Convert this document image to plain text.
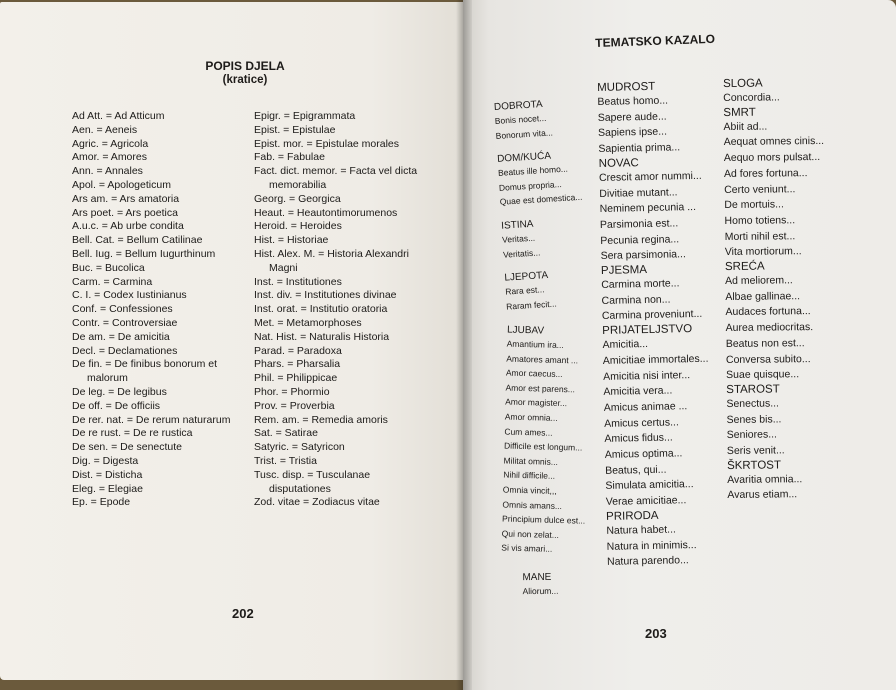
POPIS DJELA
(kratice)
Ad Att. = Ad Atticum
Aen. = Aeneis
Agric. = Agricola
Amor. = Amores
Ann. = Annales
Apol. = Apologeticum
Ars am. = Ars amatoria
Ars poet. = Ars poetica
A.u.c. = Ab urbe condita
Bell. Cat. = Bellum Catilinae
Bell. Iug. = Bellum Iugurthinum
Buc. = Bucolica
Carm. = Carmina
C. I. = Codex Iustinianus
Conf. = Confessiones
Contr. = Controversiae
De am. = De amicitia
Decl. = Declamationes
De fin. = De finibus bonorum et malorum
De leg. = De legibus
De off. = De officiis
De rer. nat. = De rerum naturarum
De re rust. = De re rustica
De sen. = De senectute
Dig. = Digesta
Dist. = Disticha
Eleg. = Elegiae
Ep. = Epode
Epigr. = Epigrammata
Epist. = Epistulae
Epist. mor. = Epistulae morales
Fab. = Fabulae
Fact. dict. memor. = Facta vel dicta memorabilia
Georg. = Georgica
Heaut. = Heautontimorumenos
Heroid. = Heroides
Hist. = Historiae
Hist. Alex. M. = Historia Alexandri Magni
Inst. = Institutiones
Inst. div. = Institutiones divinae
Inst. orat. = Institutio oratoria
Met. = Metamorphoses
Nat. Hist. = Naturalis Historia
Parad. = Paradoxa
Phars. = Pharsalia
Phil. = Philippicae
Phor. = Phormio
Prov. = Proverbia
Rem. am. = Remedia amoris
Sat. = Satirae
Satyric. = Satyricon
Trist. = Tristia
Tusc. disp. = Tusculanae disputationes
Zod. vitae = Zodiacus vitae
202
TEMATSKO KAZALO
DOBROTA
Bonis nocet...
Bonorum vita...
DOM/KUĆA
Beatus ille homo...
Domus propria...
Quae est domestica...
ISTINA
Veritas...
Veritatis...
LJEPOTA
Rara est...
Raram fecit...
LJUBAV
Amantium ira...
Amatores amant ...
Amor caecus...
Amor est parens...
Amor magister...
Amor omnia...
Cum ames...
Difficile est longum...
Militat omnis...
Nihil difficile...
Omnia vincit,,,
Omnis amans...
Principium dulce est...
Qui non zelat...
Si vis amari...
MANE
Aliorum...
MUDROST
Beatus homo...
Sapere aude...
Sapiens ipse...
Sapientia prima...
NOVAC
Crescit amor nummi...
Divitiae mutant...
Neminem pecunia ...
Parsimonia est...
Pecunia regina...
Sera parsimonia...
PJESMA
Carmina morte...
Carmina non...
Carmina proveniunt...
PRIJATELJSTVO
Amicitia...
Amicitiae immortales...
Amicitia nisi inter...
Amicitia vera...
Amicus animae ...
Amicus certus...
Amicus fidus...
Amicus optima...
Beatus, qui...
Simulata amicitia...
Verae amicitiae...
PRIRODA
Natura habet...
Natura in minimis...
Natura parendo...
SLOGA
Concordia...
SMRT
Abiit ad...
Aequat omnes cinis...
Aequo mors pulsat...
Ad fores fortuna...
Certo veniunt...
De mortuis...
Homo totiens...
Morti nihil est...
Vita mortiorum...
SREĆA
Ad meliorem...
Albae gallinae...
Audaces fortuna...
Aurea mediocritas.
Beatus non est...
Conversa subito...
Suae quisque...
STAROST
Senectus...
Senes bis...
Seniores...
Seris venit...
ŠKRTOST
Avaritia omnia...
Avarus etiam...
203
